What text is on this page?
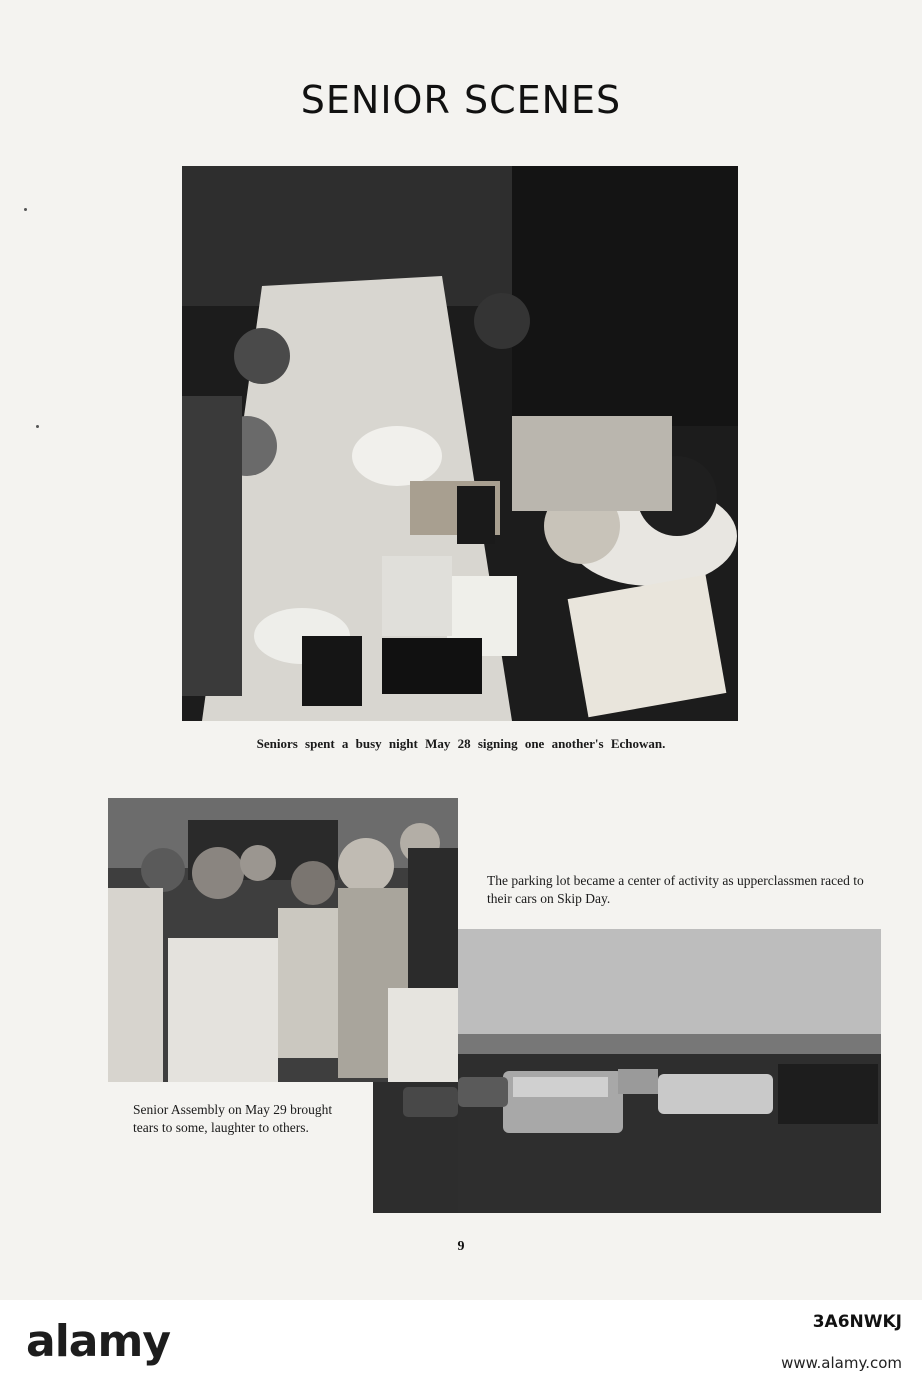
SENIOR SCENES
Seniors spent a busy night May 28 signing one another's Echowan.
Senior Assembly on May 29 brought tears to some, laughter to others.
The parking lot became a center of activity as upperclassmen raced to their cars on Skip Day.
9
alamy	3A6NWKJ
www.alamy.com
